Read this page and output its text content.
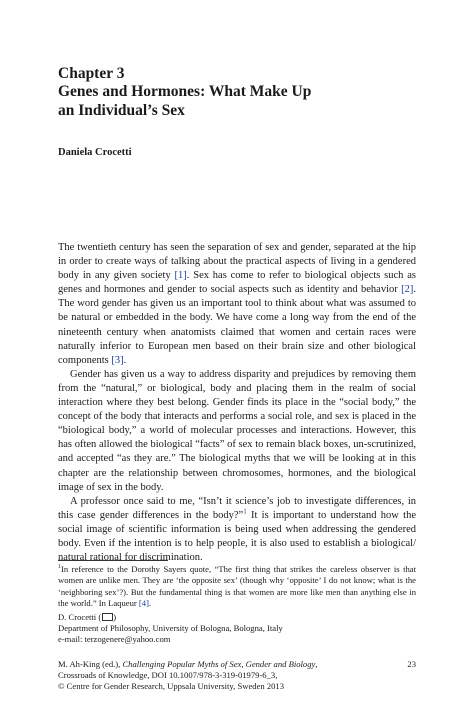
Chapter 3
Genes and Hormones: What Make Up
an Individual’s Sex
Daniela Crocetti

The twentieth century has seen the separation of sex and gender, separated at the hip in order to create ways of talking about the practical aspects of living in a gendered body in any given society [1]. Sex has come to refer to biological objects such as genes and hormones and gender to social aspects such as identity and behavior [2]. The word gender has given us an important tool to think about what was assumed to be natural or embedded in the body. We have come a long way from the end of the nineteenth century when anatomists claimed that women and certain races were naturally inferior to European men based on their brain size and other biological components [3].

Gender has given us a way to address disparity and prejudices by removing them from the “natural,” or biological, body and placing them in the realm of social interaction where they best belong. Gender finds its place in the “social body,” the concept of the body that interacts and performs a social role, and sex is placed in the “biological body,” a world of molecular processes and interactions. However, this has often allowed the biological “facts” of sex to remain black boxes, un-scrutinized, and accepted “as they are.” The biological myths that we will be looking at in this chapter are the relationship between chromosomes, hormones, and the biological image of sex in the body.

A professor once said to me, “Isn’t it science’s job to investigate differences, in this case gender differences in the body?”$^1$ It is important to understand how the social image of scientific information is being used when addressing the gendered body. Even if the intention is to help people, it is also used to establish a biological/ natural rational for discrimination.

$^1$In reference to the Dorothy Sayers quote, “The first thing that strikes the careless observer is that women are unlike men. They are ‘the opposite sex’ (though why ‘opposite’ I do not know; what is the ‘neighboring sex’?). But the fundamental thing is that women are more like men than anything else in the world.” In Laqueur [4].
D. Crocetti ( )
Department of Philosophy, University of Bologna, Bologna, Italy
e-mail: terzogenere@yahoo.com
M. Ah-King (ed.), Challenging Popular Myths of Sex, Gender and Biology,
Crossroads of Knowledge, DOI 10.1007/978-3-319-01979-6_3,
© Centre for Gender Research, Uppsala University, Sweden 2013
23
